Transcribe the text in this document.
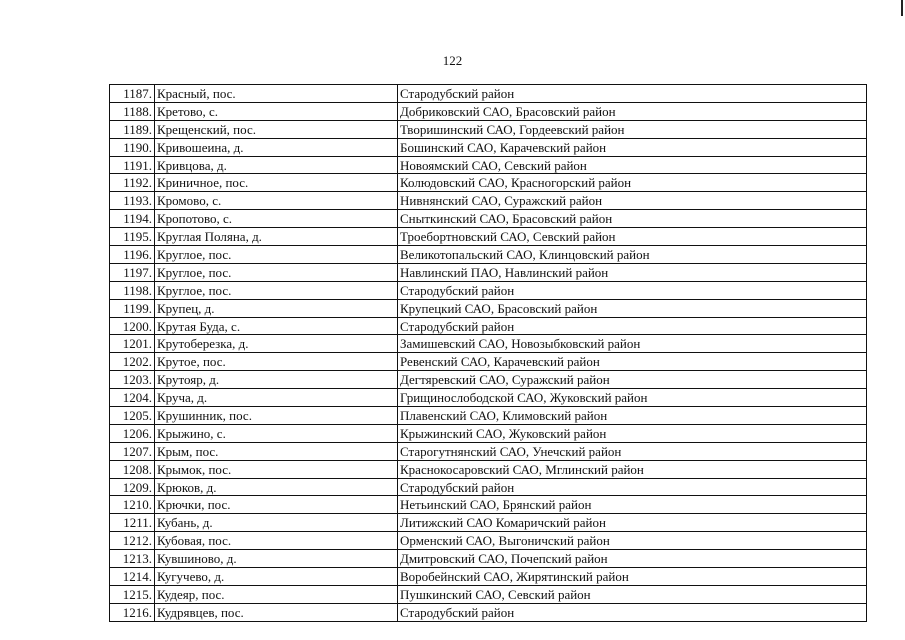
122
1187.	Красный, пос.	Стародубский район
1188.	Кретово, с.	Добриковский САО, Брасовский район
1189.	Крещенский, пос.	Творишинский САО, Гордеевский район
1190.	Кривошеина, д.	Бошинский САО, Карачевский район
1191.	Кривцова, д.	Новоямский САО, Севский район
1192.	Криничное, пос.	Колюдовский САО, Красногорский район
1193.	Кромово, с.	Нивнянский САО, Суражский район
1194.	Кропотово, с.	Сныткинский САО, Брасовский район
1195.	Круглая Поляна, д.	Троебортновский САО, Севский район
1196.	Круглое, пос.	Великотопальский САО, Клинцовский район
1197.	Круглое, пос.	Навлинский ПАО, Навлинский район
1198.	Круглое, пос.	Стародубский район
1199.	Крупец, д.	Крупецкий САО, Брасовский район
1200.	Крутая Буда, с.	Стародубский район
1201.	Крутоберезка, д.	Замишевский САО, Новозыбковский район
1202.	Крутое, пос.	Ревенский САО, Карачевский район
1203.	Крутояр, д.	Дегтяревский САО, Суражский район
1204.	Круча, д.	Грищинослободской САО, Жуковский район
1205.	Крушинник, пос.	Плавенский САО, Климовский район
1206.	Крыжино, с.	Крыжинский САО, Жуковский район
1207.	Крым, пос.	Старогутнянский САО, Унечский район
1208.	Крымок, пос.	Краснокосаровский САО, Мглинский район
1209.	Крюков, д.	Стародубский район
1210.	Крючки, пос.	Нетьинский САО, Брянский район
1211.	Кубань, д.	Литижский САО Комаричский район
1212.	Кубовая, пос.	Орменский САО, Выгоничский район
1213.	Кувшиново, д.	Дмитровский САО, Почепский район
1214.	Кугучево, д.	Воробейнский САО, Жирятинский район
1215.	Кудеяр, пос.	Пушкинский САО, Севский район
1216.	Кудрявцев, пос.	Стародубский район
